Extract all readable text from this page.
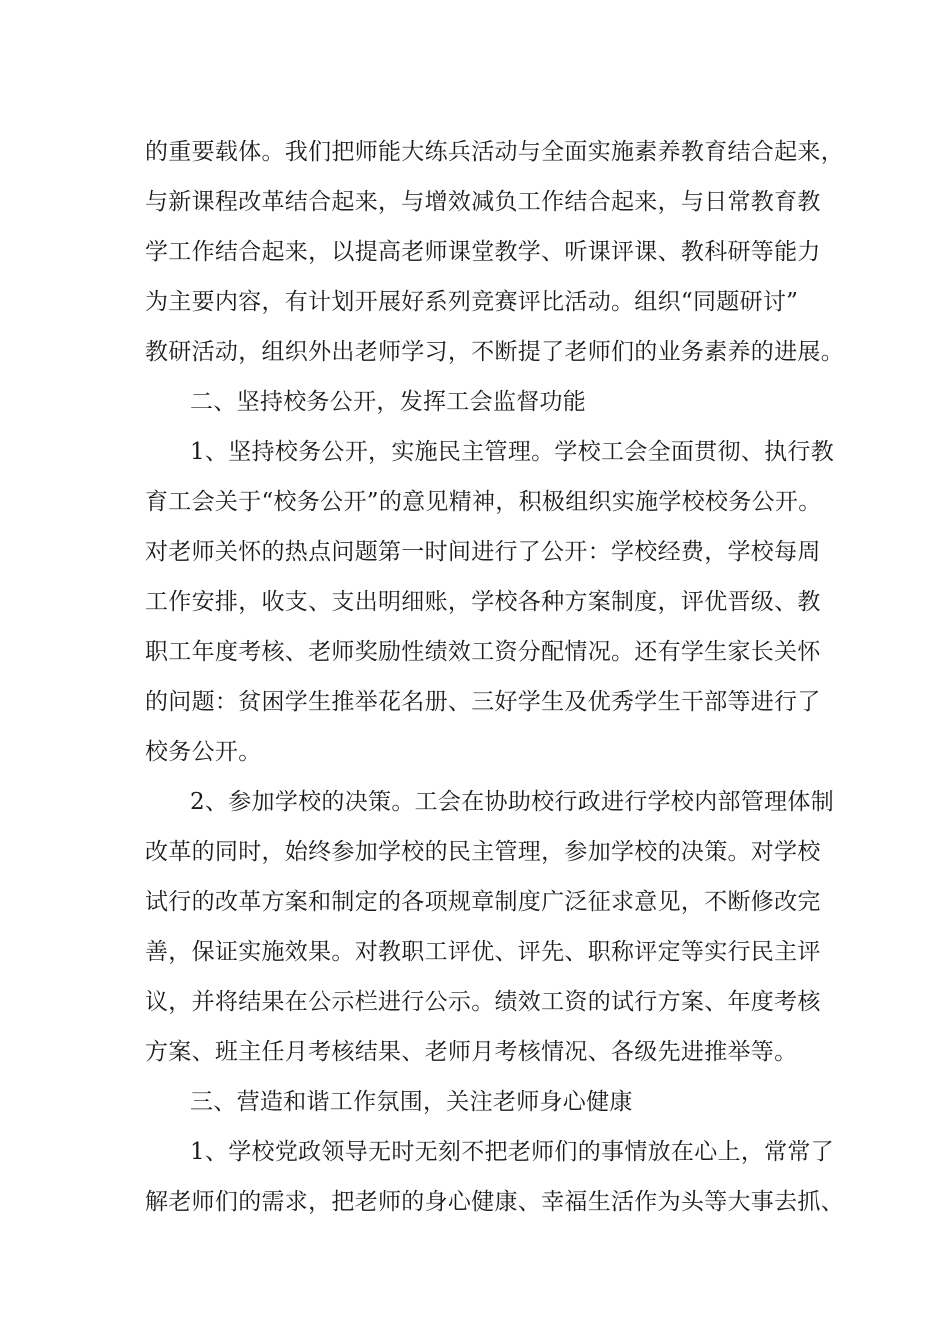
的重要载体。我们把师能大练兵活动与全面实施素养教育结合起来，
与新课程改革结合起来，与增效减负工作结合起来，与日常教育教
学工作结合起来，以提高老师课堂教学、听课评课、教科研等能力
为主要内容，有计划开展好系列竞赛评比活动。组织“同题研讨”
教研活动，组织外出老师学习，不断提了老师们的业务素养的进展。
二、坚持校务公开，发挥工会监督功能
1、坚持校务公开，实施民主管理。学校工会全面贯彻、执行教
育工会关于“校务公开”的意见精神，积极组织实施学校校务公开。
对老师关怀的热点问题第一时间进行了公开：学校经费，学校每周
工作安排，收支、支出明细账，学校各种方案制度，评优晋级、教
职工年度考核、老师奖励性绩效工资分配情况。还有学生家长关怀
的问题：贫困学生推举花名册、三好学生及优秀学生干部等进行了
校务公开。
2、参加学校的决策。工会在协助校行政进行学校内部管理体制
改革的同时，始终参加学校的民主管理，参加学校的决策。对学校
试行的改革方案和制定的各项规章制度广泛征求意见，不断修改完
善，保证实施效果。对教职工评优、评先、职称评定等实行民主评
议，并将结果在公示栏进行公示。绩效工资的试行方案、年度考核
方案、班主任月考核结果、老师月考核情况、各级先进推举等。
三、营造和谐工作氛围，关注老师身心健康
1、学校党政领导无时无刻不把老师们的事情放在心上，常常了
解老师们的需求，把老师的身心健康、幸福生活作为头等大事去抓、
